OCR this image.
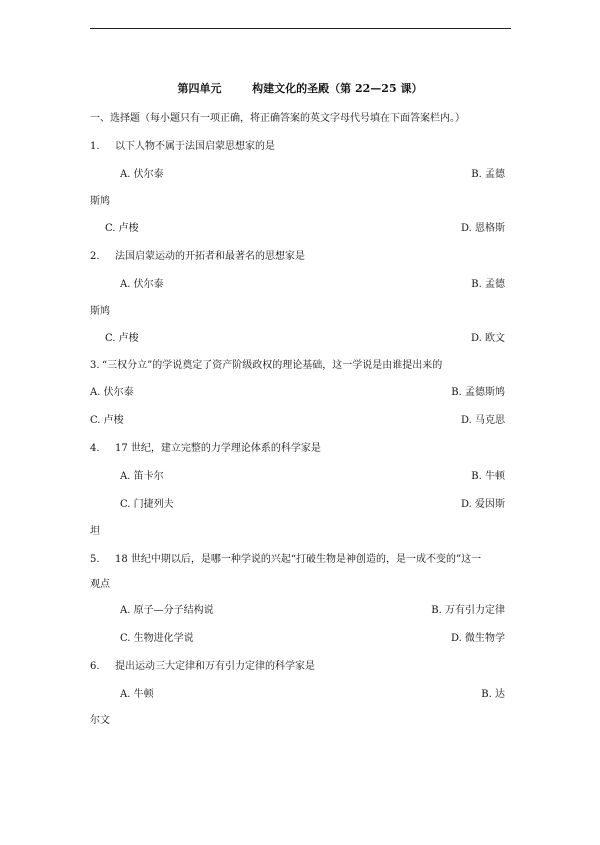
第四单元        构建文化的圣殿（第 22—25 课）
一、选择题（每小题只有一项正确，将正确答案的英文字母代号填在下面答案栏内。）
1. 以下人物不属于法国启蒙思想家的是
A. 伏尔泰	B. 孟德
斯鸠
C. 卢梭	D. 恩格斯
2. 法国启蒙运动的开拓者和最著名的思想家是
A. 伏尔泰	B. 孟德
斯鸠
C. 卢梭	D. 欧文
3. “三权分立”的学说奠定了资产阶级政权的理论基础，这一学说是由谁提出来的
A. 伏尔泰	B. 孟德斯鸠
C. 卢梭	D. 马克思
4. 17 世纪，建立完整的力学理论体系的科学家是
A. 笛卡尔	B. 牛顿
C. 门捷列夫	D. 爱因斯
坦
5. 18 世纪中期以后，是哪一种学说的兴起“打破生物是神创造的，是一成不变的”这一
观点
A. 原子—分子结构说	B. 万有引力定律
C. 生物进化学说	D. 微生物学
6. 提出运动三大定律和万有引力定律的科学家是
A. 牛顿	B. 达
尔文
